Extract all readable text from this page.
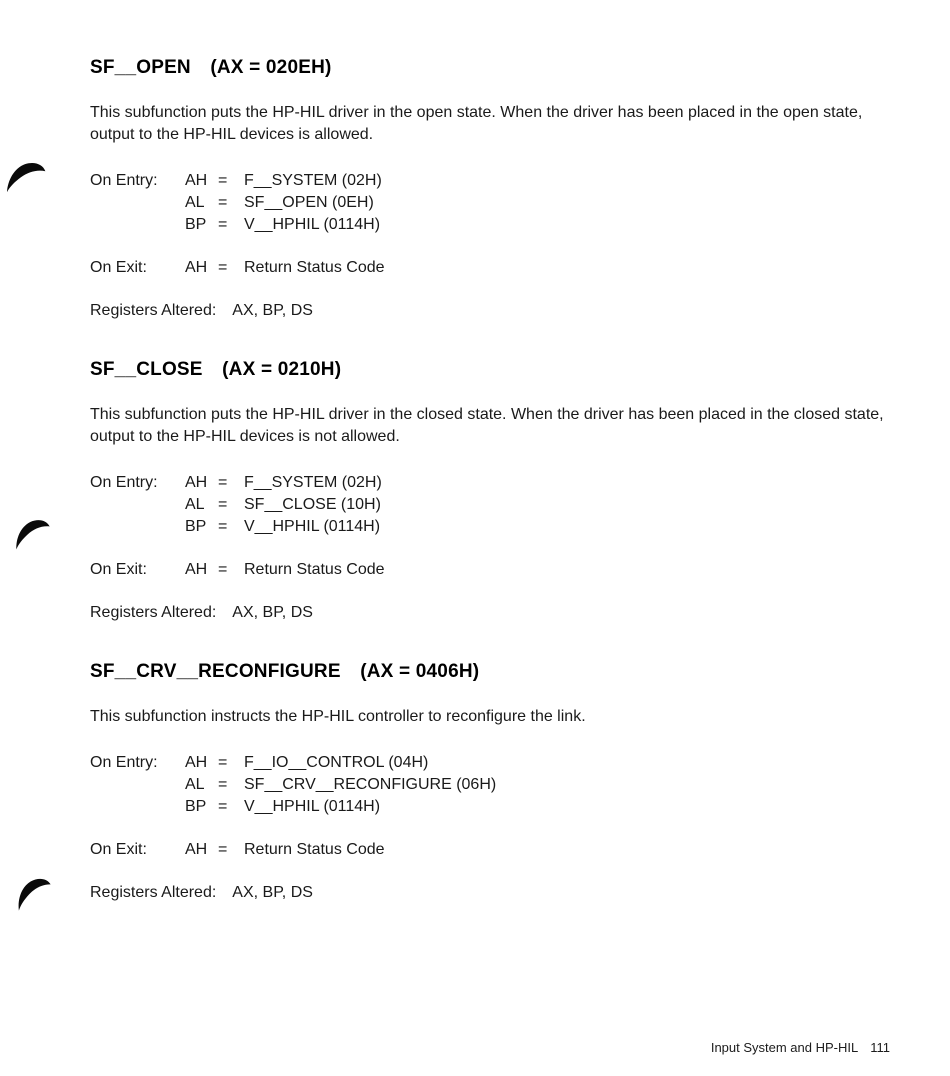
SF__OPEN (AX = 020EH)

This subfunction puts the HP-HIL driver in the open state. When the driver has been placed in the open state, output to the HP-HIL devices is allowed.

On Entry:	AH =	F__SYSTEM (02H)
AL =	SF__OPEN (0EH)
BP =	V__HPHIL (0114H)
On Exit:	AH =	Return Status Code
Registers Altered: AX, BP, DS
SF__CLOSE (AX = 0210H)

This subfunction puts the HP-HIL driver in the closed state. When the driver has been placed in the closed state, output to the HP-HIL devices is not allowed.

On Entry:	AH =	F__SYSTEM (02H)
AL =	SF__CLOSE (10H)
BP =	V__HPHIL (0114H)
On Exit:	AH =	Return Status Code
Registers Altered: AX, BP, DS
SF__CRV__RECONFIGURE (AX = 0406H)

This subfunction instructs the HP-HIL controller to reconfigure the link.

On Entry:	AH =	F__IO__CONTROL (04H)
AL =	SF__CRV__RECONFIGURE (06H)
BP =	V__HPHIL (0114H)
On Exit:	AH =	Return Status Code
Registers Altered: AX, BP, DS
Input System and HP-HIL 111
